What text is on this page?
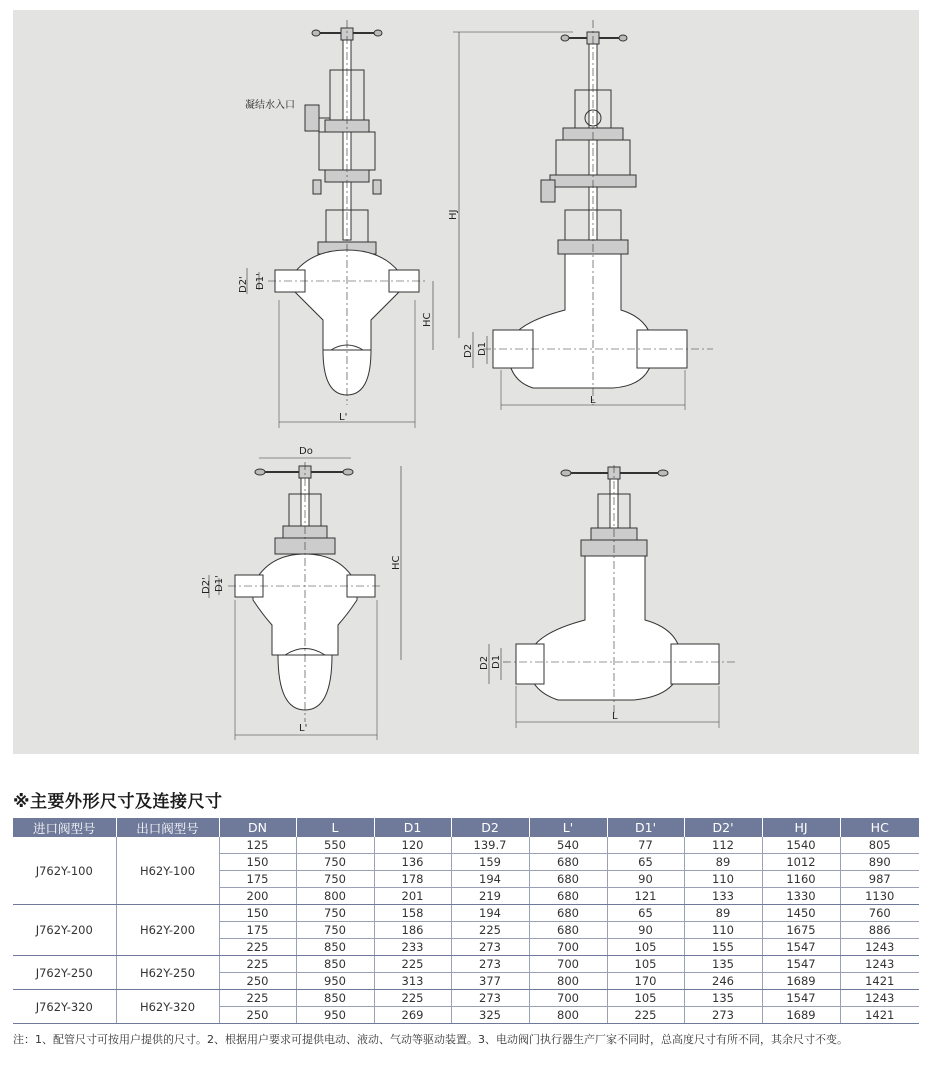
凝结水入口
D2' D1'
L'
HC
HJ
D2 D1
L
Do
D2' D1'
L'
HC
D2 D1
L
※主要外形尺寸及连接尺寸
进口阀型号	出口阀型号	DN	L	D1	D2	L'	D1'	D2'	HJ	HC
J762Y-100	H62Y-100	125	550	120	139.7	540	77	112	1540	805
		150	750	136	159	680	65	89	1012	890
		175	750	178	194	680	90	110	1160	987
		200	800	201	219	680	121	133	1330	1130
J762Y-200	H62Y-200	150	750	158	194	680	65	89	1450	760
		175	750	186	225	680	90	110	1675	886
		225	850	233	273	700	105	155	1547	1243
J762Y-250	H62Y-250	225	850	225	273	700	105	135	1547	1243
		250	950	313	377	800	170	246	1689	1421
J762Y-320	H62Y-320	225	850	225	273	700	105	135	1547	1243
		250	950	269	325	800	225	273	1689	1421
注：1、配管尺寸可按用户提供的尺寸。2、根据用户要求可提供电动、液动、气动等驱动装置。3、电动阀门执行器生产厂家不同时，总高度尺寸有所不同，其余尺寸不变。
